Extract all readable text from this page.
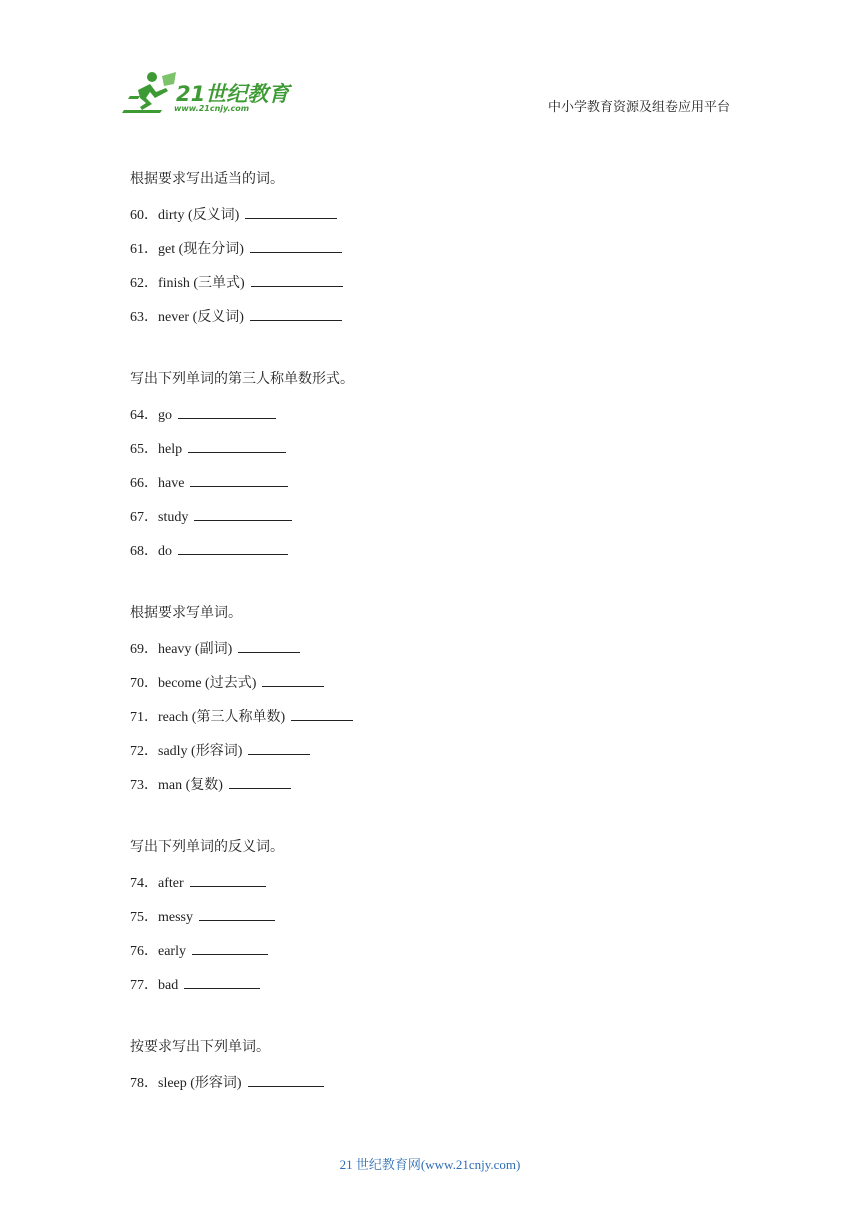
21世纪教育
www.21cnjy.com	中小学教育资源及组卷应用平台
根据要求写出适当的词。
60．dirty (反义词)
61．get (现在分词)
62．finish (三单式)
63．never (反义词)
写出下列单词的第三人称单数形式。
64．go
65．help
66．have
67．study
68．do
根据要求写单词。
69．heavy (副词)
70．become (过去式)
71．reach (第三人称单数)
72．sadly (形容词)
73．man (复数)
写出下列单词的反义词。
74．after
75．messy
76．early
77．bad
按要求写出下列单词。
78．sleep (形容词)
21 世纪教育网(www.21cnjy.com)
